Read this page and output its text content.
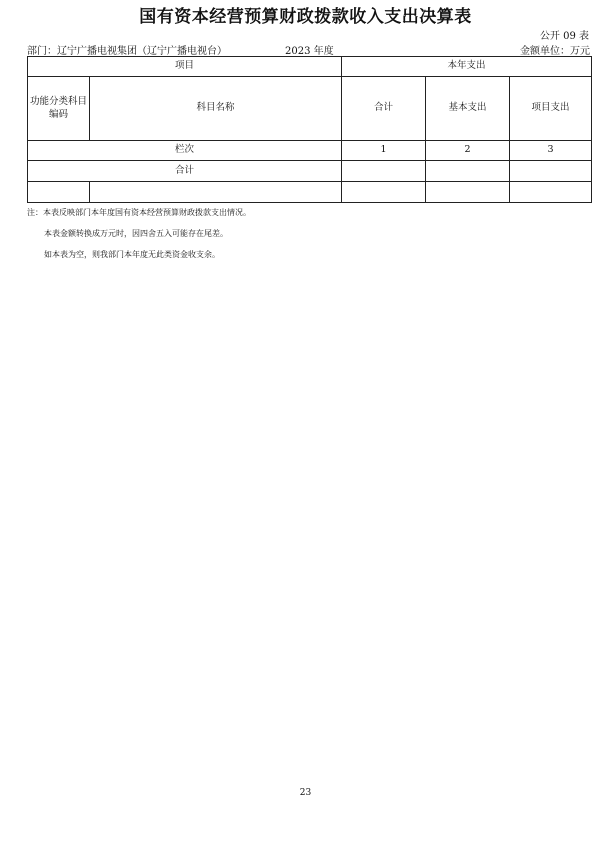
国有资本经营预算财政拨款收入支出决算表
公开 09 表
部门：辽宁广播电视集团（辽宁广播电视台）	2023 年度	金额单位：万元
项目		本年支出		
功能分类科目编码	科目名称	合计	基本支出	项目支出
栏次		1	2	3
合计				

注：本表反映部门本年度国有资本经营预算财政拨款支出情况。
本表金额转换成万元时，因四舍五入可能存在尾差。
如本表为空，则我部门本年度无此类资金收支余。
23
